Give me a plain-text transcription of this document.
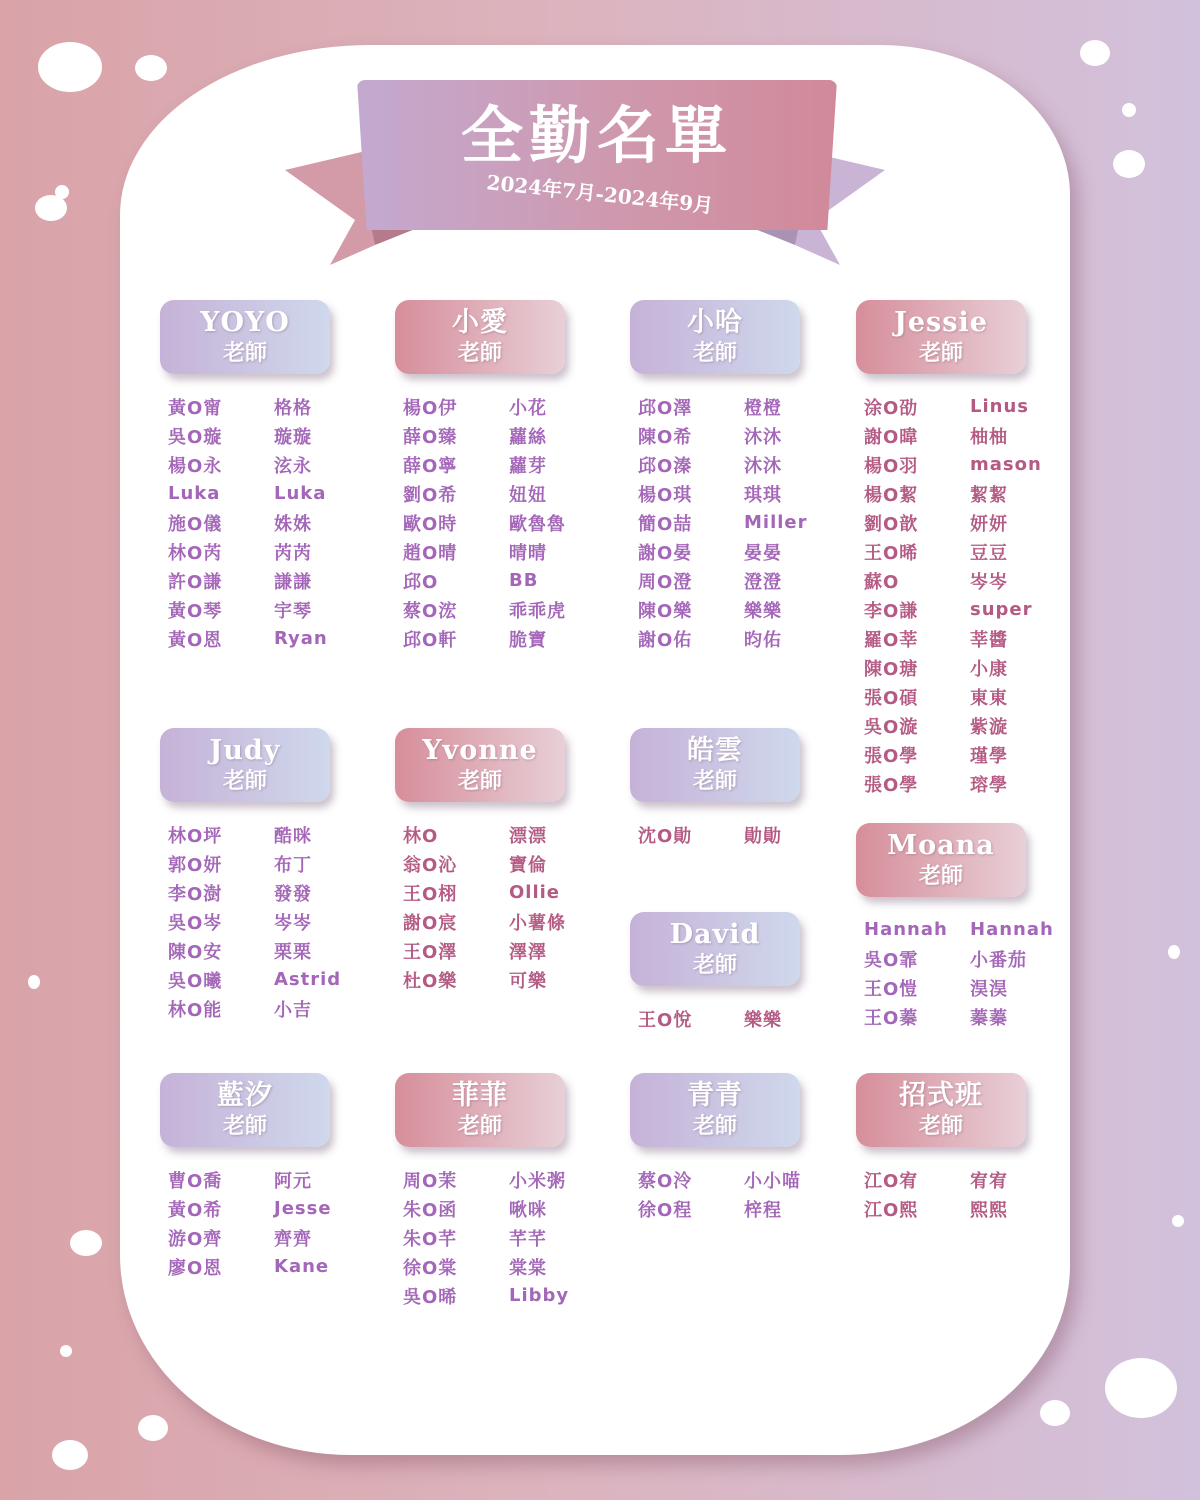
全勤名單
2024年7月-2024年9月
YOYO
老師
黃O甯	格格
吳O璇	璇璇
楊O永	泫永
Luka	Luka
施O儀	姝姝
林O芮	芮芮
許O謙	謙謙
黃O琴	宇琴
黃O恩	Ryan
小愛
老師
楊O伊	小花
薛O臻	蘿絲
薛O寧	蘿芽
劉O希	妞妞
歐O時	歐魯魯
趙O晴	晴晴
邱O	BB
蔡O浤	乖乖虎
邱O軒	脆寶
小哈
老師
邱O澤	橙橙
陳O希	沐沐
邱O溱	沐沐
楊O琪	琪琪
簡O喆	Miller
謝O晏	晏晏
周O澄	澄澄
陳O樂	樂樂
謝O佑	昀佑
Jessie
老師
涂O劭	Linus
謝O暐	柚柚
楊O羽	mason
楊O絜	絜絜
劉O歆	妍妍
王O晞	豆豆
蘇O	岑岑
李O謙	super
羅O莘	莘醬
陳O瑭	小康
張O碩	東東
吳O漩	紫漩
張O學	瑾學
張O學	瑢學
Judy
老師
林O坪	酷咪
郭O妍	布丁
李O澍	發發
吳O岑	岑岑
陳O安	栗栗
吳O曦	Astrid
林O能	小吉
Yvonne
老師
林O	漂漂
翁O沁	寶倫
王O栩	Ollie
謝O宸	小薯條
王O澤	澤澤
杜O樂	可樂
皓雲
老師
沈O勛	勛勛
David
老師
王O悅	樂樂
Moana
老師
Hannah	Hannah
吳O霏	小番茄
王O愷	淏淏
王O蓁	蓁蓁
藍汐
老師
曹O喬	阿元
黃O希	Jesse
游O齊	齊齊
廖O恩	Kane
菲菲
老師
周O茉	小米粥
朱O函	啾咪
朱O芊	芊芊
徐O棠	棠棠
吳O晞	Libby
青青
老師
蔡O泠	小小喵
徐O程	梓程
招式班
老師
江O宥	宥宥
江O熙	熙熙
